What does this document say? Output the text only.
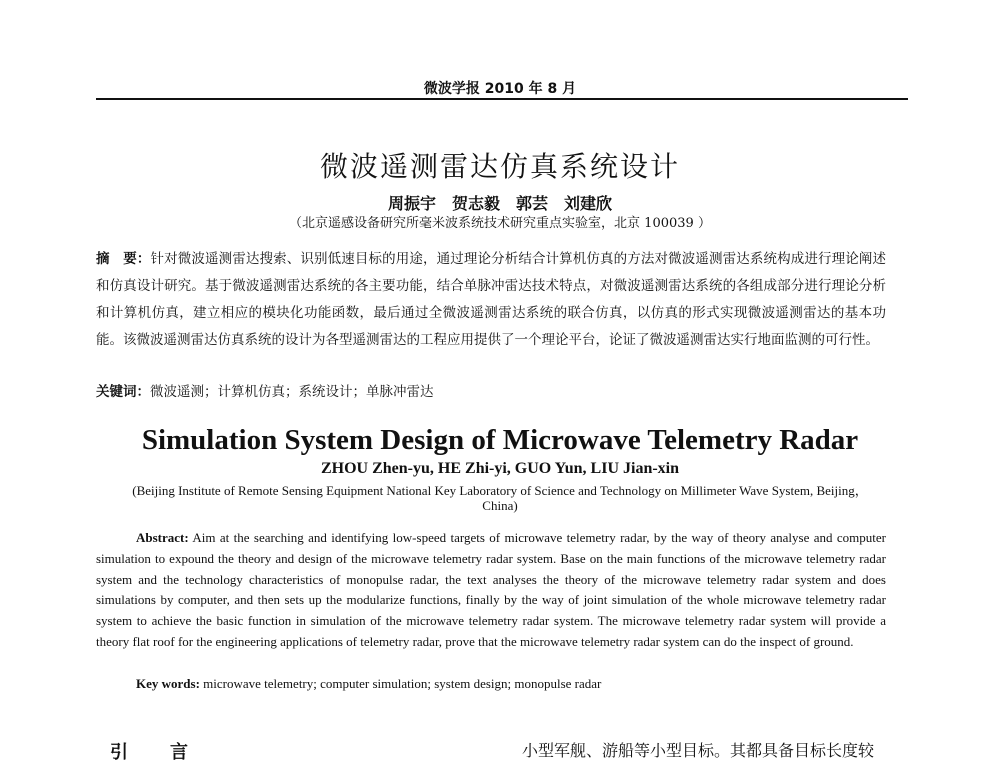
微波学报 2010 年 8 月
微波遥测雷达仿真系统设计
周振宇　贺志毅　郭芸　刘建欣
（北京遥感设备研究所毫米波系统技术研究重点实验室，北京 100039 ）
摘　要：针对微波遥测雷达搜索、识别低速目标的用途，通过理论分析结合计算机仿真的方法对微波遥测雷达系统构成进行理论阐述和仿真设计研究。基于微波遥测雷达系统的各主要功能，结合单脉冲雷达技术特点，对微波遥测雷达系统的各组成部分进行理论分析和计算机仿真，建立相应的模块化功能函数，最后通过全微波遥测雷达系统的联合仿真，以仿真的形式实现微波遥测雷达的基本功能。该微波遥测雷达仿真系统的设计为各型遥测雷达的工程应用提供了一个理论平台，论证了微波遥测雷达实行地面监测的可行性。
关键词：微波遥测；计算机仿真；系统设计；单脉冲雷达
Simulation System Design of Microwave Telemetry Radar
ZHOU Zhen-yu, HE Zhi-yi, GUO Yun, LIU Jian-xin
(Beijing Institute of Remote Sensing Equipment National Key Laboratory of Science and Technology on Millimeter Wave System, Beijing，China)
Abstract: Aim at the searching and identifying low-speed targets of microwave telemetry radar, by the way of theory analyse and computer simulation to expound the theory and design of the microwave telemetry radar system. Base on the main functions of the microwave telemetry radar system and the technology characteristics of monopulse radar, the text analyses the theory of the microwave telemetry radar system and does simulations by computer, and then sets up the modularize functions, finally by the way of joint simulation of the whole microwave telemetry radar system to achieve the basic function in simulation of the microwave telemetry radar system. The microwave telemetry radar system will provide a theory flat roof for the engineering applications of telemetry radar, prove that the microwave telemetry radar system can do the inspect of ground.
Key words: microwave telemetry; computer simulation; system design; monopulse radar
引　言	小型军舰、游船等小型目标。其都具备目标长度较
